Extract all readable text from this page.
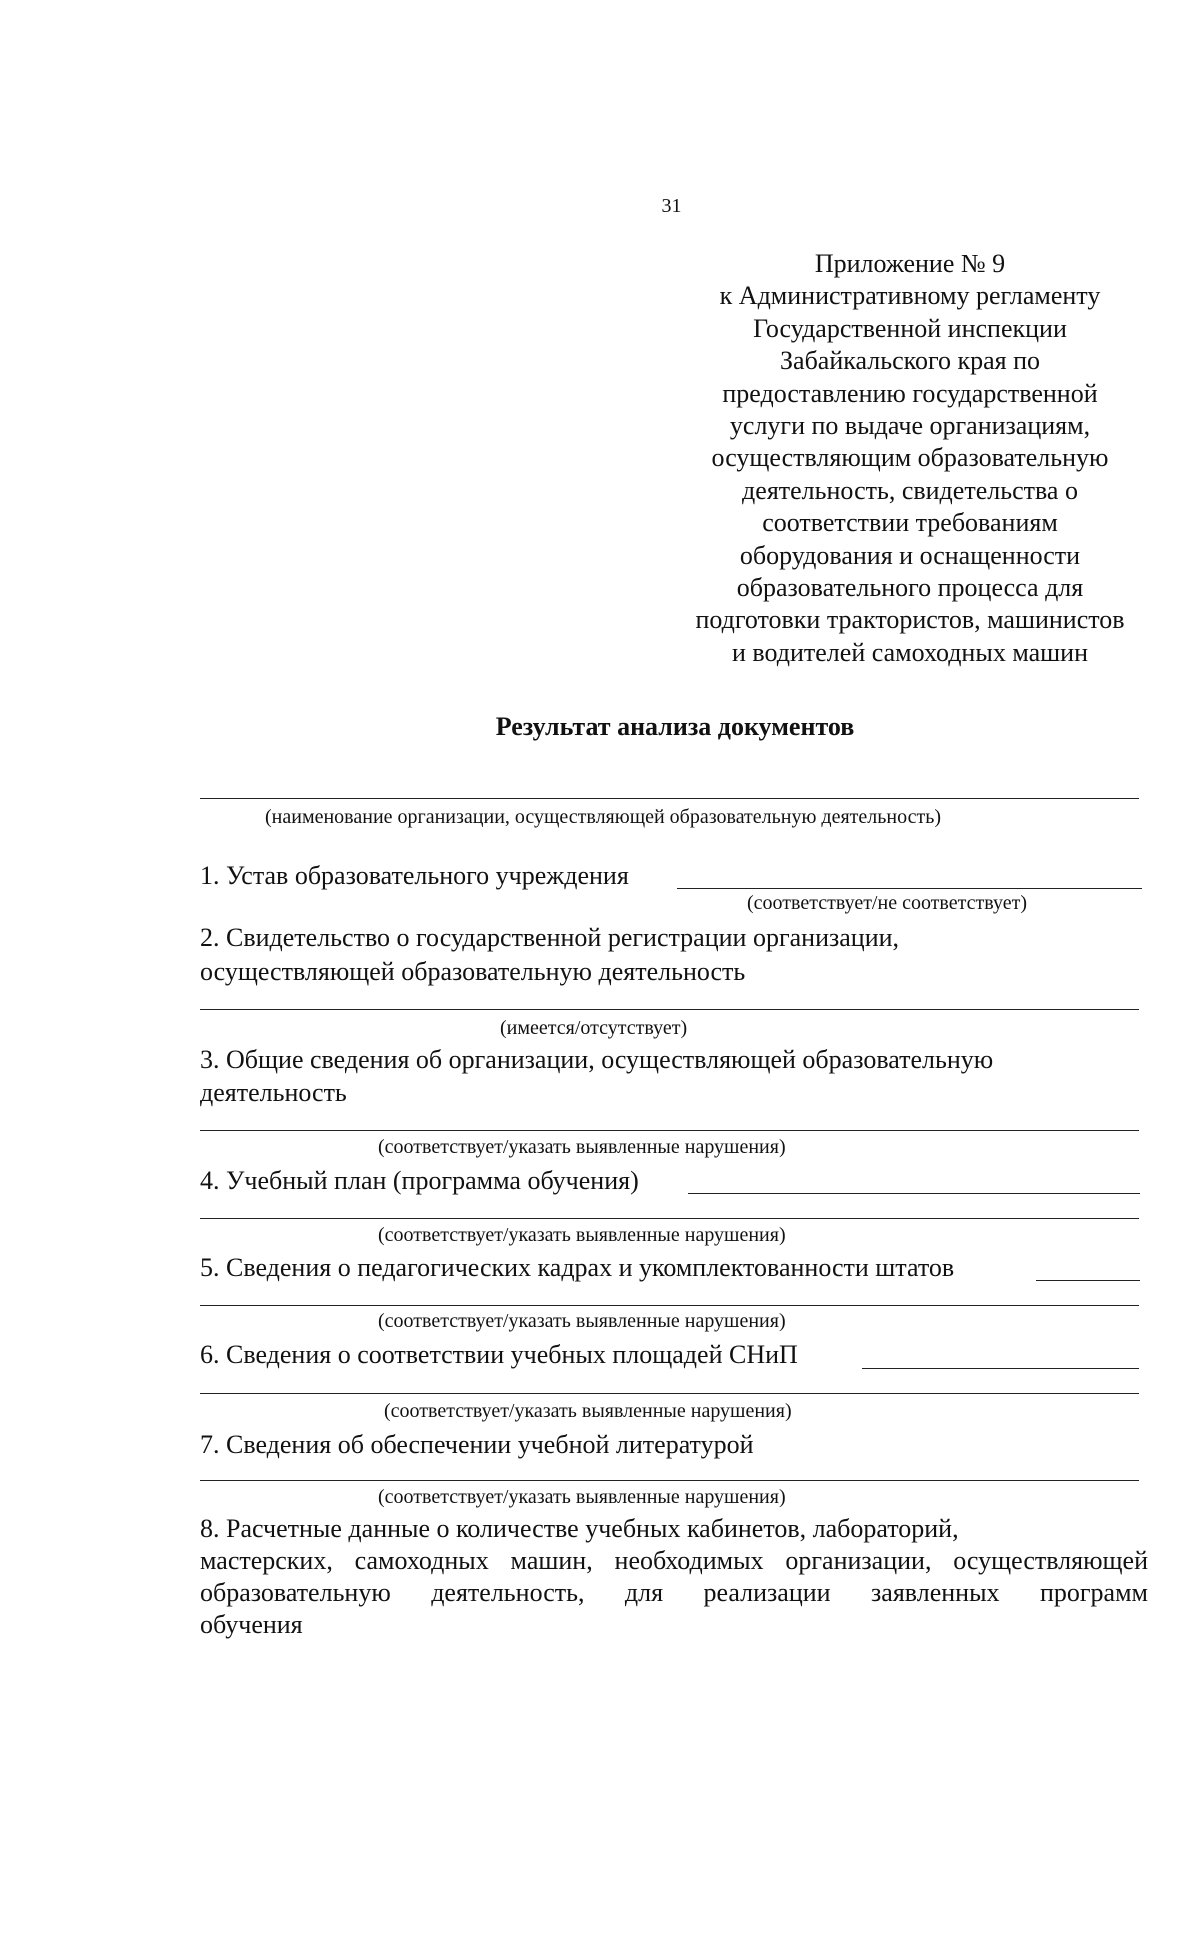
31
Приложение № 9
к Административному регламенту
Государственной инспекции
Забайкальского края по
предоставлению государственной
услуги по выдаче организациям,
осуществляющим образовательную
деятельность, свидетельства о
соответствии требованиям
оборудования и оснащенности
образовательного процесса для
подготовки трактористов, машинистов
и водителей самоходных машин
Результат анализа документов
(наименование организации, осуществляющей образовательную деятельность)
1. Устав образовательного учреждения
(соответствует/не соответствует)
2. Свидетельство о государственной регистрации организации,
осуществляющей образовательную деятельность
(имеется/отсутствует)
3. Общие сведения об организации, осуществляющей образовательную
деятельность
(соответствует/указать выявленные нарушения)
4. Учебный план (программа обучения)
(соответствует/указать выявленные нарушения)
5. Сведения о педагогических кадрах и укомплектованности штатов
(соответствует/указать выявленные нарушения)
6. Сведения о соответствии учебных площадей СНиП
(соответствует/указать выявленные нарушения)
7. Сведения об обеспечении учебной литературой
(соответствует/указать выявленные нарушения)
8. Расчетные данные о количестве учебных кабинетов, лабораторий,
мастерских, самоходных машин, необходимых организации, осуществляющей
образовательную деятельность, для реализации заявленных программ
обучения
